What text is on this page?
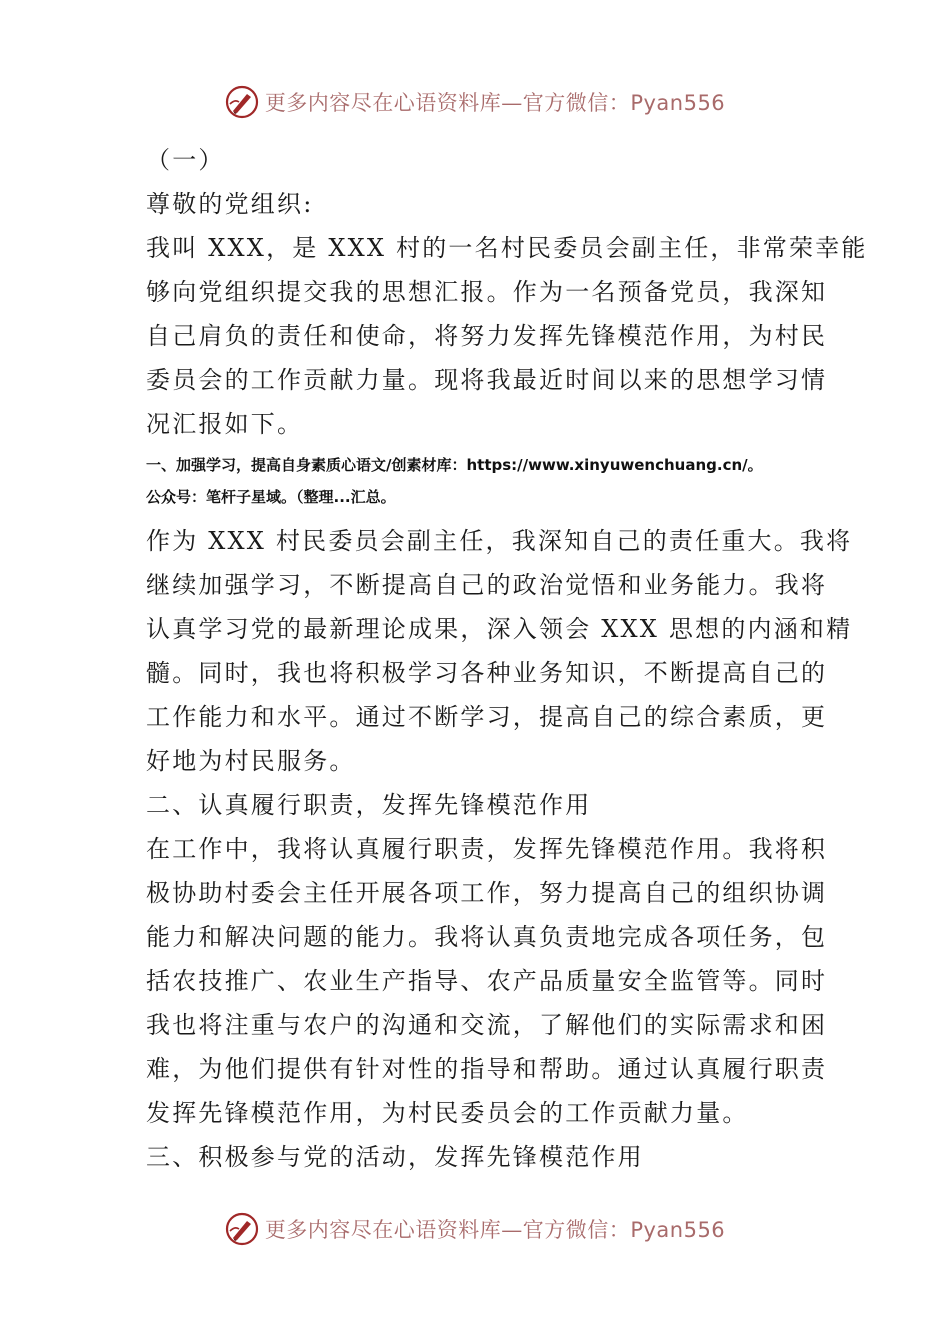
更多内容尽在心语资料库—官方微信：Pyan556
（一）
尊敬的党组织:
我叫 XXX，是 XXX 村的一名村民委员会副主任，非常荣幸能
够向党组织提交我的思想汇报。作为一名预备党员，我深知
自己肩负的责任和使命，将努力发挥先锋模范作用，为村民
委员会的工作贡献力量。现将我最近时间以来的思想学习情
况汇报如下。
一、加强学习，提高自身素质心语文/创素材库：https://www.xinyuwenchuang.cn/。
公众号：笔杆子星域。（整理...汇总。
作为 XXX 村民委员会副主任，我深知自己的责任重大。我将
继续加强学习，不断提高自己的政治觉悟和业务能力。我将
认真学习党的最新理论成果，深入领会 XXX 思想的内涵和精
髓。同时，我也将积极学习各种业务知识，不断提高自己的
工作能力和水平。通过不断学习，提高自己的综合素质，更
好地为村民服务。
二、认真履行职责，发挥先锋模范作用
在工作中，我将认真履行职责，发挥先锋模范作用。我将积
极协助村委会主任开展各项工作，努力提高自己的组织协调
能力和解决问题的能力。我将认真负责地完成各项任务，包
括农技推广、农业生产指导、农产品质量安全监管等。同时
我也将注重与农户的沟通和交流，了解他们的实际需求和困
难，为他们提供有针对性的指导和帮助。通过认真履行职责
发挥先锋模范作用，为村民委员会的工作贡献力量。
三、积极参与党的活动，发挥先锋模范作用
更多内容尽在心语资料库—官方微信：Pyan556
